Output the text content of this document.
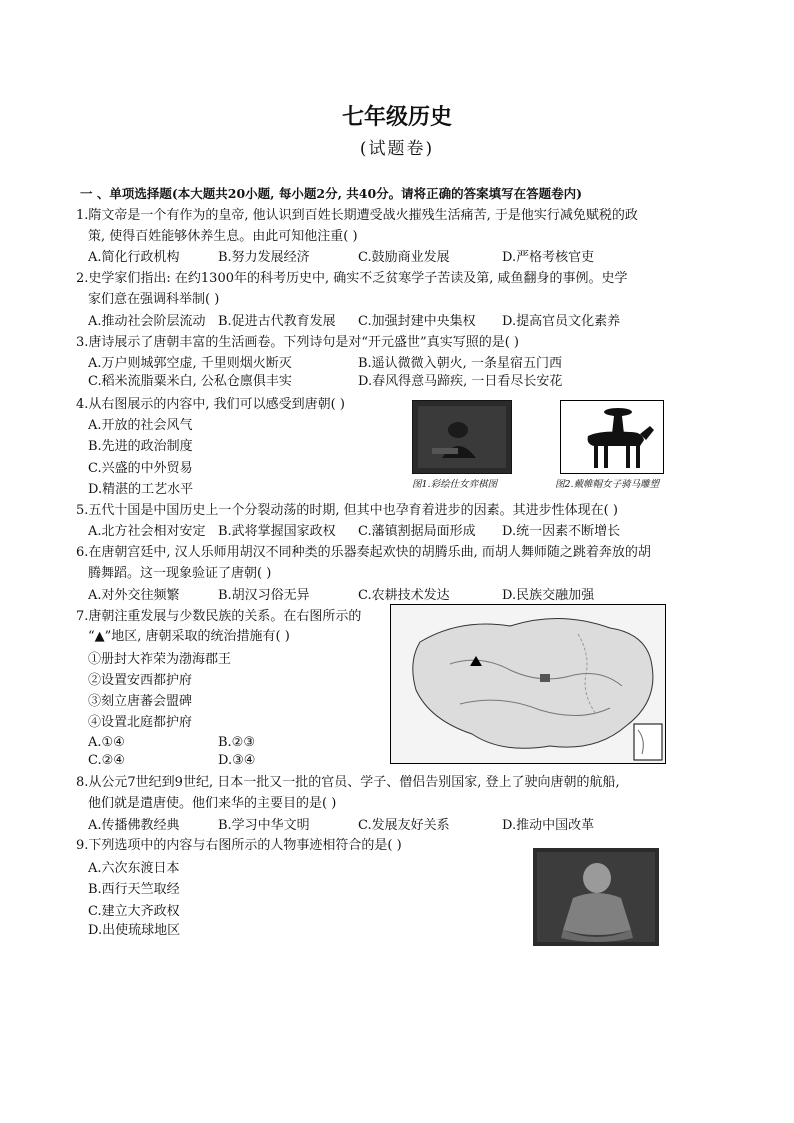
七年级历史
(试题卷)
一 、单项选择题(本大题共20小题, 每小题2分, 共40分。请将正确的答案填写在答题卷内)
1.隋文帝是一个有作为的皇帝, 他认识到百姓长期遭受战火摧残生活痛苦, 于是他实行减免赋税的政
策, 使得百姓能够休养生息。由此可知他注重( )
A.简化行政机构	B.努力发展经济	C.鼓励商业发展	D.严格考核官吏
2.史学家们指出: 在约1300年的科考历史中, 确实不乏贫寒学子苦读及第, 咸鱼翻身的事例。史学
家们意在强调科举制( )
A.推动社会阶层流动 B.促进古代教育发展 C.加强封建中央集权 D.提高官员文化素养
3.唐诗展示了唐朝丰富的生活画卷。下列诗句是对“开元盛世”真实写照的是( )
A.万户则城郭空虚, 千里则烟火断灭	B.遥认微微入朝火, 一条星宿五门西
C.稻米流脂粟米白, 公私仓廪俱丰实	D.春风得意马蹄疾, 一日看尽长安花
4.从右图展示的内容中, 我们可以感受到唐朝( )
A.开放的社会风气
B.先进的政治制度
C.兴盛的中外贸易
D.精湛的工艺水平	图1.彩绘仕女弈棋图	图2.戴帷帽女子骑马雕塑
5.五代十国是中国历史上一个分裂动荡的时期, 但其中也孕育着进步的因素。其进步性体现在( )
A.北方社会相对安定 B.武将掌握国家政权 C.藩镇割据局面形成 D.统一因素不断增长
6.在唐朝宫廷中, 汉人乐师用胡汉不同种类的乐器奏起欢快的胡腾乐曲, 而胡人舞师随之跳着奔放的胡
腾舞蹈。这一现象验证了唐朝( )
A.对外交往频繁	B.胡汉习俗无异	C.农耕技术发达	D.民族交融加强
7.唐朝注重发展与少数民族的关系。在右图所示的
“▲”地区, 唐朝采取的统治措施有( )
①册封大祚荣为渤海郡王
②设置安西都护府
③刻立唐蕃会盟碑
④设置北庭都护府
A.①④	B.②③
C.②④	D.③④
8.从公元7世纪到9世纪, 日本一批又一批的官员、学子、僧侣告别国家, 登上了驶向唐朝的航船,
他们就是遣唐使。他们来华的主要目的是( )
A.传播佛教经典	B.学习中华文明	C.发展友好关系	D.推动中国改革
9.下列选项中的内容与右图所示的人物事迹相符合的是( )
A.六次东渡日本
B.西行天竺取经
C.建立大齐政权
D.出使琉球地区
